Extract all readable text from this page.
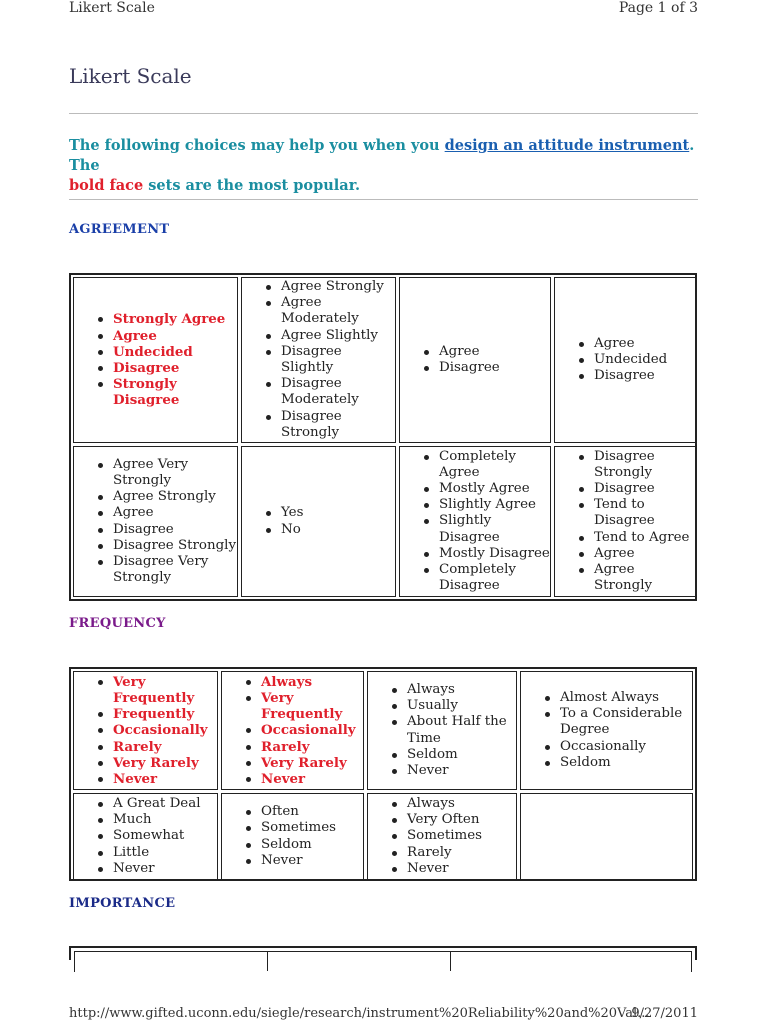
Likert Scale	Page 1 of 3
Likert Scale
The following choices may help you when you design an attitude instrument. The
bold face sets are the most popular.
AGREEMENT
Strongly Agree
Agree
Undecided
Disagree
Strongly Disagree
Agree Strongly
Agree Moderately
Agree Slightly
Disagree Slightly
Disagree Moderately
Disagree Strongly
Agree
Disagree
Agree
Undecided
Disagree
Agree Very Strongly
Agree Strongly
Agree
Disagree
Disagree Strongly
Disagree Very Strongly
Yes
No
Completely Agree
Mostly Agree
Slightly Agree
Slightly Disagree
Mostly Disagree
Completely Disagree
Disagree Strongly
Disagree
Tend to Disagree
Tend to Agree
Agree
Agree Strongly
FREQUENCY
Very Frequently
Frequently
Occasionally
Rarely
Very Rarely
Never
Always
Very Frequently
Occasionally
Rarely
Very Rarely
Never
Always
Usually
About Half the Time
Seldom
Never
Almost Always
To a Considerable Degree
Occasionally
Seldom
A Great Deal
Much
Somewhat
Little
Never
Often
Sometimes
Seldom
Never
Always
Very Often
Sometimes
Rarely
Never
IMPORTANCE
http://www.gifted.uconn.edu/siegle/research/instrument%20Reliability%20and%20Val...
9/27/2011
